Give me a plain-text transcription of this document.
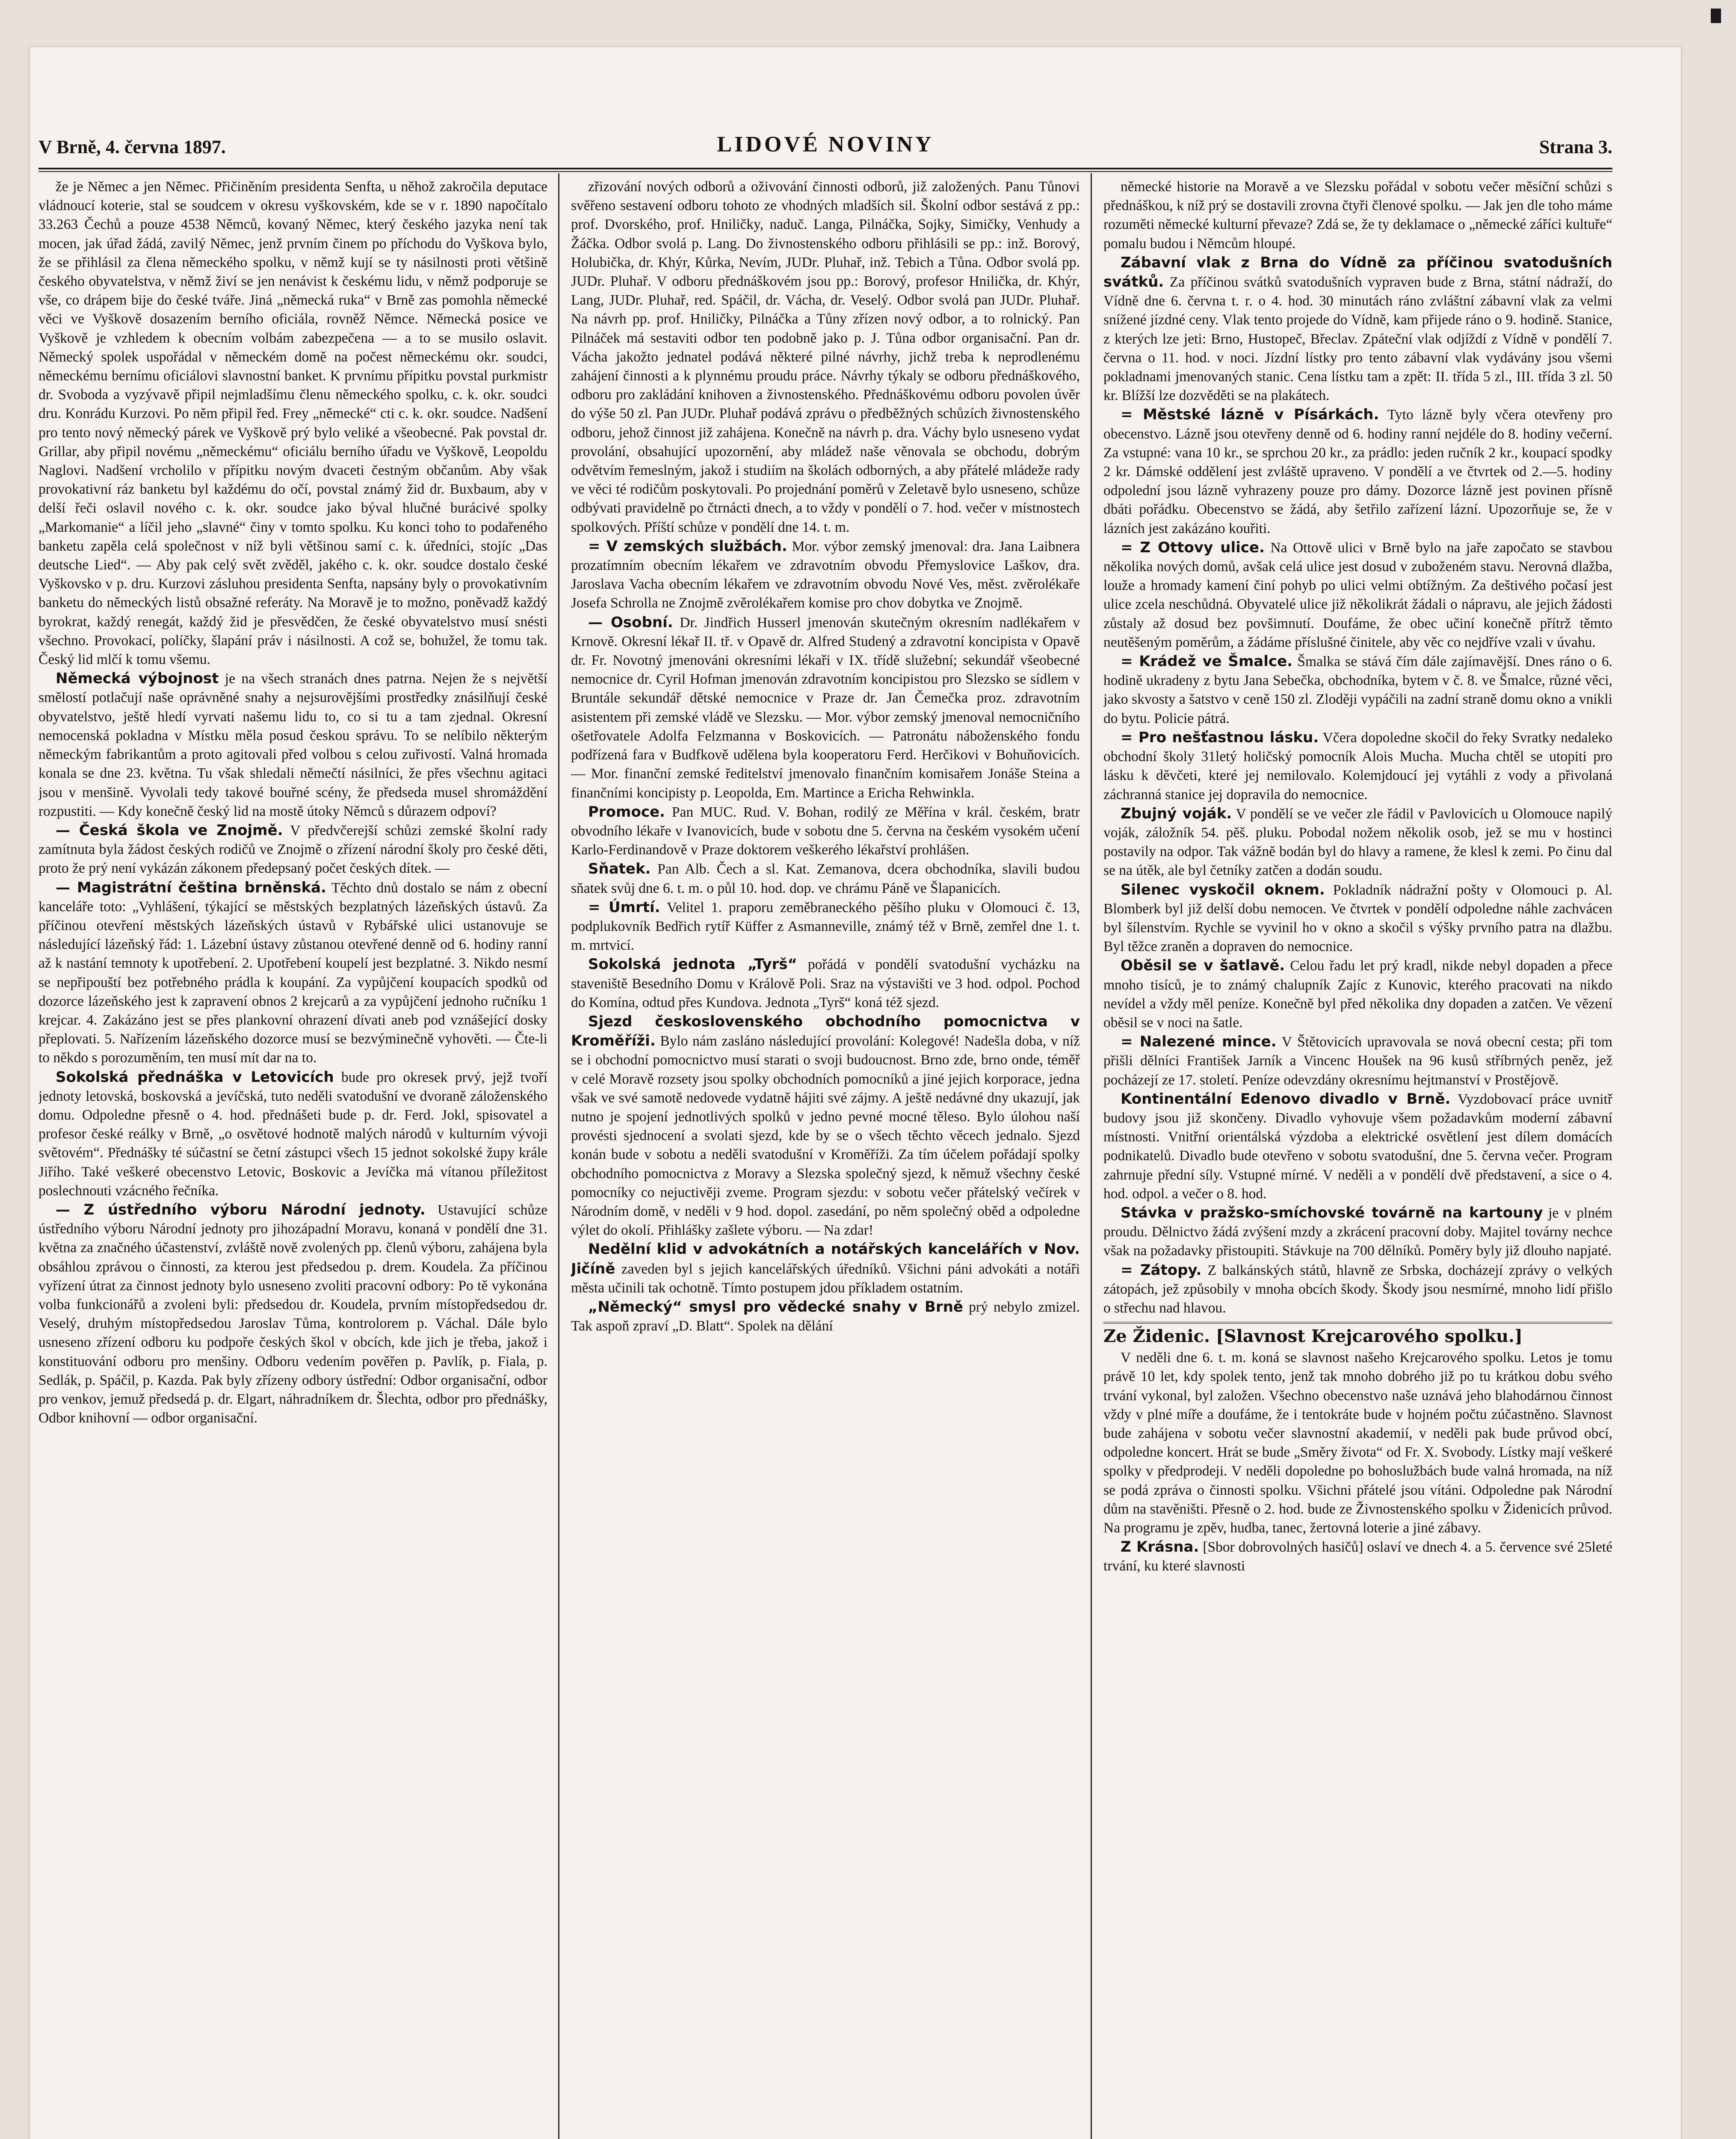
V Brně, 4. června 1897.	LIDOVÉ NOVINY	Strana 3.

že je Němec a jen Němec. Přičiněním presidenta Senfta, u něhož zakročila deputace vládnoucí koterie, stal se soudcem v okresu vyškovském, kde se v r. 1890 napočítalo 33.263 Čechů a pouze 4538 Němců, kovaný Němec, který českého jazyka není tak mocen, jak úřad žádá, zavilý Němec, jenž prvním činem po příchodu do Vyškova bylo, že se přihlásil za člena německého spolku, v němž kují se ty násilnosti proti většině českého obyvatelstva, v němž živí se jen nenávist k českému lidu, v němž podporuje se vše, co drápem bije do české tváře. Jiná „německá ruka“ v Brně zas pomohla německé věci ve Vyškově dosazením berního oficiála, rovněž Němce. Německá posice ve Vyškově je vzhledem k obecním volbám zabezpečena — a to se musilo oslavit. Německý spolek uspořádal v německém domě na počest německému okr. soudci, německému bernímu oficiálovi slavnostní banket. K prvnímu přípitku povstal purkmistr dr. Svoboda a vyzývavě připil nejmladšímu členu německého spolku, c. k. okr. soudci dru. Konrádu Kurzovi. Po něm připil řed. Frey „německé“ cti c. k. okr. soudce. Nadšení pro tento nový německý párek ve Vyškově prý bylo veliké a všeobecné. Pak povstal dr. Grillar, aby připil novému „německému“ oficiálu berního úřadu ve Vyškově, Leopoldu Naglovi. Nadšení vrcholilo v přípitku novým dvaceti čestným občanům. Aby však provokativní ráz banketu byl každému do očí, povstal známý žid dr. Buxbaum, aby v delší řeči oslavil nového c. k. okr. soudce jako býval hlučné burácivé spolky „Markomanie“ a líčil jeho „slavné“ činy v tomto spolku. Ku konci toho to podařeného banketu zapěla celá společnost v níž byli většinou samí c. k. úředníci, stojíc „Das deutsche Lied“. — Aby pak celý svět zvěděl, jakého c. k. okr. soudce dostalo české Vyškovsko v p. dru. Kurzovi zásluhou presidenta Senfta, napsány byly o provokativním banketu do německých listů obsažné referáty. Na Moravě je to možno, poněvadž každý byrokrat, každý renegát, každý žid je přesvědčen, že české obyvatelstvo musí snésti všechno. Provokací, políčky, šlapání práv i násilnosti. A což se, bohužel, že tomu tak. Český lid mlčí k tomu všemu.

Německá výbojnost je na všech stranách dnes patrna. Nejen že s největší smělostí potlačují naše oprávněné snahy a nejsurovějšími prostředky znásilňují české obyvatelstvo, ještě hledí vyrvati našemu lidu to, co si tu a tam zjednal. Okresní nemocenská pokladna v Místku měla posud českou správu. To se nelíbilo některým německým fabrikantům a proto agitovali před volbou s celou zuřivostí. Valná hromada konala se dne 23. května. Tu však shledali němečtí násilníci, že přes všechnu agitaci jsou v menšině. Vyvolali tedy takové bouřné scény, že předseda musel shromáždění rozpustiti. — Kdy konečně český lid na mostě útoky Němců s důrazem odpoví?

— Česká škola ve Znojmě. V předvčerejší schůzi zemské školní rady zamítnuta byla žádost českých rodičů ve Znojmě o zřízení národní školy pro české děti, proto že prý není vykázán zákonem předepsaný počet českých dítek. —

— Magistrátní čeština brněnská. Těchto dnů dostalo se nám z obecní kanceláře toto: „Vyhlášení, týkající se městských bezplatných lázeňských ústavů. Za příčinou otevření městských lázeňských ústavů v Rybářské ulici ustanovuje se následující lázeňský řád: 1. Lázební ústavy zůstanou otevřené denně od 6. hodiny ranní až k nastání temnoty k upotřebení. 2. Upotřebení koupelí jest bezplatné. 3. Nikdo nesmí se nepřipouští bez potřebného prádla k koupání. Za vypůjčení koupacích spodků od dozorce lázeňského jest k zapravení obnos 2 krejcarů a za vypůjčení jednoho ručníku 1 krejcar. 4. Zakázáno jest se přes plankovní ohrazení dívati aneb pod vznášející dosky přeplovati. 5. Nařízením lázeňského dozorce musí se bezvýminečně vyhověti. — Čte-li to někdo s porozuměním, ten musí mít dar na to.

Sokolská přednáška v Letovicích bude pro okresek prvý, jejž tvoří jednoty letovská, boskovská a jevíčská, tuto neděli svatodušní ve dvoraně záloženského domu. Odpoledne přesně o 4. hod. přednášeti bude p. dr. Ferd. Jokl, spisovatel a profesor české reálky v Brně, „o osvětové hodnotě malých národů v kulturním vývoji světovém“. Přednášky té súčastní se četní zástupci všech 15 jednot sokolské župy krále Jiřího. Také veškeré obecenstvo Letovic, Boskovic a Jevíčka má vítanou příležitost poslechnouti vzácného řečníka.

— Z ústředního výboru Národní jednoty. Ustavující schůze ústředního výboru Národní jednoty pro jihozápadní Moravu, konaná v pondělí dne 31. května za značného účastenství, zvláště nově zvolených pp. členů výboru, zahájena byla obsáhlou zprávou o činnosti, za kterou jest předsedou p. drem. Koudela. Za příčinou vyřízení útrat za činnost jednoty bylo usneseno zvoliti pracovní odbory: Po tě vykonána volba funkcionářů a zvoleni byli: předsedou dr. Koudela, prvním místopředsedou dr. Veselý, druhým místopředsedou Jaroslav Tůma, kontrolorem p. Váchal. Dále bylo usneseno zřízení odboru ku podpoře českých škol v obcích, kde jich je třeba, jakož i konstituování odboru pro menšiny. Odboru vedením pověřen p. Pavlík, p. Fiala, p. Sedlák, p. Spáčil, p. Kazda. Pak byly zřízeny odbory ústřední: Odbor organisační, odbor pro venkov, jemuž předsedá p. dr. Elgart, náhradníkem dr. Šlechta, odbor pro přednášky, Odbor knihovní — odbor organisační.

zřizování nových odborů a oživování činnosti odborů, již založených. Panu Tůnovi svěřeno sestavení odboru tohoto ze vhodných mladších sil. Školní odbor sestává z pp.: prof. Dvorského, prof. Hniličky, naduč. Langa, Pilnáčka, Sojky, Simičky, Venhudy a Žáčka. Odbor svolá p. Lang. Do živnostenského odboru přihlásili se pp.: inž. Borový, Holubička, dr. Khýr, Kůrka, Nevím, JUDr. Pluhař, inž. Tebich a Tůna. Odbor svolá pp. JUDr. Pluhař. V odboru přednáškovém jsou pp.: Borový, profesor Hnilička, dr. Khýr, Lang, JUDr. Pluhař, red. Spáčil, dr. Vácha, dr. Veselý. Odbor svolá pan JUDr. Pluhař. Na návrh pp. prof. Hniličky, Pilnáčka a Tůny zřízen nový odbor, a to rolnický. Pan Pilnáček má sestaviti odbor ten podobně jako p. J. Tůna odbor organisační. Pan dr. Vácha jakožto jednatel podává některé pilné návrhy, jichž treba k neprodlenému zahájení činnosti a k plynnému proudu práce. Návrhy týkaly se odboru přednáškového, odboru pro zakládání knihoven a živnostenského. Přednáškovému odboru povolen úvěr do výše 50 zl. Pan JUDr. Pluhař podává zprávu o předběžných schůzích živnostenského odboru, jehož činnost již zahájena. Konečně na návrh p. dra. Váchy bylo usneseno vydat provolání, obsahující upozornění, aby mládež naše věnovala se obchodu, dobrým odvětvím řemeslným, jakož i studiím na školách odborných, a aby přátelé mládeže rady ve věci té rodičům poskytovali. Po projednání poměrů v Zeletavě bylo usneseno, schůze odbývati pravidelně po čtrnácti dnech, a to vždy v pondělí o 7. hod. večer v místnostech spolkových. Příští schůze v pondělí dne 14. t. m.

= V zemských službách. Mor. výbor zemský jmenoval: dra. Jana Laibnera prozatímním obecním lékařem ve zdravotním obvodu Přemyslovice Laškov, dra. Jaroslava Vacha obecním lékařem ve zdravotním obvodu Nové Ves, měst. zvěrolékaře Josefa Schrolla ne Znojmě zvěrolékařem komise pro chov dobytka ve Znojmě.

— Osobní. Dr. Jindřich Husserl jmenován skutečným okresním nadlékařem v Krnově. Okresní lékař II. tř. v Opavě dr. Alfred Studený a zdravotní koncipista v Opavě dr. Fr. Novotný jmenováni okresními lékaři v IX. třídě služební; sekundář všeobecné nemocnice dr. Cyril Hofman jmenován zdravotním koncipistou pro Slezsko se sídlem v Bruntále sekundář dětské nemocnice v Praze dr. Jan Čemečka proz. zdravotním asistentem při zemské vládě ve Slezsku. — Mor. výbor zemský jmenoval nemocničního ošetřovatele Adolfa Felzmanna v Boskovicích. — Patronátu náboženského fondu podřízená fara v Budfkově udělena byla kooperatoru Ferd. Herčikovi v Bohuňovicích. — Mor. finanční zemské ředitelství jmenovalo finančním komisařem Jonáše Steina a finančními koncipisty p. Leopolda, Em. Martince a Ericha Rehwinkla.

Promoce. Pan MUC. Rud. V. Bohan, rodilý ze Měřína v král. českém, bratr obvodního lékaře v Ivanovicích, bude v sobotu dne 5. června na českém vysokém učení Karlo-Ferdinandově v Praze doktorem veškerého lékařství prohlášen.

Sňatek. Pan Alb. Čech a sl. Kat. Zemanova, dcera obchodníka, slavili budou sňatek svůj dne 6. t. m. o půl 10. hod. dop. ve chrámu Páně ve Šlapanicích.

= Úmrtí. Velitel 1. praporu zeměbraneckého pěšího pluku v Olomouci č. 13, podplukovník Bedřich rytíř Küffer z Asmanneville, známý též v Brně, zemřel dne 1. t. m. mrtvicí.

Sokolská jednota „Tyrš“ pořádá v pondělí svatodušní vycházku na staveniště Besedního Domu v Králově Poli. Sraz na výstavišti ve 3 hod. odpol. Pochod do Komína, odtud přes Kundova. Jednota „Tyrš“ koná též sjezd.

Sjezd československého obchodního pomocnictva v Kroměříži. Bylo nám zasláno následující provolání: Kolegové! Nadešla doba, v níž se i obchodní pomocnictvo musí starati o svoji budoucnost. Brno zde, brno onde, téměř v celé Moravě rozsety jsou spolky obchodních pomocníků a jiné jejich korporace, jedna však ve své samotě nedovede vydatně hájiti své zájmy. A ještě nedávné dny ukazují, jak nutno je spojení jednotlivých spolků v jedno pevné mocné těleso. Bylo úlohou naší provésti sjednocení a svolati sjezd, kde by se o všech těchto věcech jednalo. Sjezd konán bude v sobotu a neděli svatodušní v Kroměříži. Za tím účelem pořádají spolky obchodního pomocnictva z Moravy a Slezska společný sjezd, k němuž všechny české pomocníky co nejuctivěji zveme. Program sjezdu: v sobotu večer přátelský večírek v Národním domě, v neděli v 9 hod. dopol. zasedání, po něm společný oběd a odpoledne výlet do okolí. Přihlášky zašlete výboru. — Na zdar!

Nedělní klid v advokátních a notářských kancelářích v Nov. Jičíně zaveden byl s jejich kancelářských úředníků. Všichni páni advokáti a notáři města učinili tak ochotně. Tímto postupem jdou příkladem ostatním.

„Německý“ smysl pro vědecké snahy v Brně prý nebylo zmizel. Tak aspoň zpraví „D. Blatt“. Spolek na dělání

německé historie na Moravě a ve Slezsku pořádal v sobotu večer měsíční schůzi s přednáškou, k níž prý se dostavili zrovna čtyři členové spolku. — Jak jen dle toho máme rozuměti německé kulturní převaze? Zdá se, že ty deklamace o „německé záříci kultuře“ pomalu budou i Němcům hloupé.

Zábavní vlak z Brna do Vídně za příčinou svatodušních svátků. Za příčinou svátků svatodušních vypraven bude z Brna, státní nádraží, do Vídně dne 6. června t. r. o 4. hod. 30 minutách ráno zvláštní zábavní vlak za velmi snížené jízdné ceny. Vlak tento projede do Vídně, kam přijede ráno o 9. hodině. Stanice, z kterých lze jeti: Brno, Hustopeč, Břeclav. Zpáteční vlak odjíždí z Vídně v pondělí 7. června o 11. hod. v noci. Jízdní lístky pro tento zábavní vlak vydávány jsou všemi pokladnami jmenovaných stanic. Cena lístku tam a zpět: II. třída 5 zl., III. třída 3 zl. 50 kr. Blížší lze dozvěděti se na plakátech.

= Městské lázně v Písárkách. Tyto lázně byly včera otevřeny pro obecenstvo. Lázně jsou otevřeny denně od 6. hodiny ranní nejdéle do 8. hodiny večerní. Za vstupné: vana 10 kr., se sprchou 20 kr., za prádlo: jeden ručník 2 kr., koupací spodky 2 kr. Dámské oddělení jest zvláště upraveno. V pondělí a ve čtvrtek od 2.—5. hodiny odpolední jsou lázně vyhrazeny pouze pro dámy. Dozorce lázně jest povinen přísně dbáti pořádku. Obecenstvo se žádá, aby šetřilo zařízení lázní. Upozorňuje se, že v lázních jest zakázáno kouřiti.

= Z Ottovy ulice. Na Ottově ulici v Brně bylo na jaře započato se stavbou několika nových domů, avšak celá ulice jest dosud v zuboženém stavu. Nerovná dlažba, louže a hromady kamení činí pohyb po ulici velmi obtížným. Za deštivého počasí jest ulice zcela neschůdná. Obyvatelé ulice již několikrát žádali o nápravu, ale jejich žádosti zůstaly až dosud bez povšimnutí. Doufáme, že obec učiní konečně přítrž těmto neutěšeným poměrům, a žádáme příslušné činitele, aby věc co nejdříve vzali v úvahu.

= Krádež ve Šmalce. Šmalka se stává čím dále zajímavější. Dnes ráno o 6. hodině ukradeny z bytu Jana Sebečka, obchodníka, bytem v č. 8. ve Šmalce, různé věci, jako skvosty a šatstvo v ceně 150 zl. Zloději vypáčili na zadní straně domu okno a vnikli do bytu. Policie pátrá.

= Pro nešťastnou lásku. Včera dopoledne skočil do řeky Svratky nedaleko obchodní školy 31letý holičský pomocník Alois Mucha. Mucha chtěl se utopiti pro lásku k děvčeti, které jej nemilovalo. Kolemjdoucí jej vytáhli z vody a přivolaná záchranná stanice jej dopravila do nemocnice.

Zbujný voják. V pondělí se ve večer zle řádil v Pavlovicích u Olomouce napilý voják, záložník 54. pěš. pluku. Pobodal nožem několik osob, jež se mu v hostinci postavily na odpor. Tak vážně bodán byl do hlavy a ramene, že klesl k zemi. Po činu dal se na útěk, ale byl četníky zatčen a dodán soudu.

Silenec vyskočil oknem. Pokladník nádražní pošty v Olomouci p. Al. Blomberk byl již delší dobu nemocen. Ve čtvrtek v pondělí odpoledne náhle zachvácen byl šílenstvím. Rychle se vyvinil ho v okno a skočil s výšky prvního patra na dlažbu. Byl těžce zraněn a dopraven do nemocnice.

Oběsil se v šatlavě. Celou řadu let prý kradl, nikde nebyl dopaden a přece mnoho tisíců, je to známý chalupník Zajíc z Kunovic, kterého pracovati na nikdo nevídel a vždy měl peníze. Konečně byl před několika dny dopaden a zatčen. Ve vězení oběsil se v noci na šatle.

= Nalezené mince. V Štětovicích upravovala se nová obecní cesta; při tom přišli dělníci František Jarník a Vincenc Houšek na 96 kusů stříbrných peněz, jež pocházejí ze 17. století. Peníze odevzdány okresnímu hejtmanství v Prostějově.

Kontinentální Edenovo divadlo v Brně. Vyzdobovací práce uvnitř budovy jsou již skončeny. Divadlo vyhovuje všem požadavkům moderní zábavní místnosti. Vnitřní orientálská výzdoba a elektrické osvětlení jest dílem domácích podnikatelů. Divadlo bude otevřeno v sobotu svatodušní, dne 5. června večer. Program zahrnuje přední síly. Vstupné mírné. V neděli a v pondělí dvě představení, a sice o 4. hod. odpol. a večer o 8. hod.

Stávka v pražsko-smíchovské továrně na kartouny je v plném proudu. Dělnictvo žádá zvýšení mzdy a zkrácení pracovní doby. Majitel továrny nechce však na požadavky přistoupiti. Stávkuje na 700 dělníků. Poměry byly již dlouho napjaté.

= Zátopy. Z balkánských států, hlavně ze Srbska, docházejí zprávy o velkých zátopách, jež způsobily v mnoha obcích škody. Škody jsou nesmírné, mnoho lidí přišlo o střechu nad hlavou.

Ze Židenic. [Slavnost Krejcarového spolku.]

V neděli dne 6. t. m. koná se slavnost našeho Krejcarového spolku. Letos je tomu právě 10 let, kdy spolek tento, jenž tak mnoho dobrého již po tu krátkou dobu svého trvání vykonal, byl založen. Všechno obecenstvo naše uznává jeho blahodárnou činnost vždy v plné míře a doufáme, že i tentokráte bude v hojném počtu zúčastněno. Slavnost bude zahájena v sobotu večer slavnostní akademií, v neděli pak bude průvod obcí, odpoledne koncert. Hrát se bude „Směry života“ od Fr. X. Svobody. Lístky mají veškeré spolky v předprodeji. V neděli dopoledne po bohoslužbách bude valná hromada, na níž se podá zpráva o činnosti spolku. Všichni přátelé jsou vítáni. Odpoledne pak Národní dům na stavěništi. Přesně o 2. hod. bude ze Živnostenského spolku v Židenicích průvod. Na programu je zpěv, hudba, tanec, žertovná loterie a jiné zábavy.

Z Krásna. [Sbor dobrovolných hasičů] oslaví ve dnech 4. a 5. července své 25leté trvání, ku které slavnosti
